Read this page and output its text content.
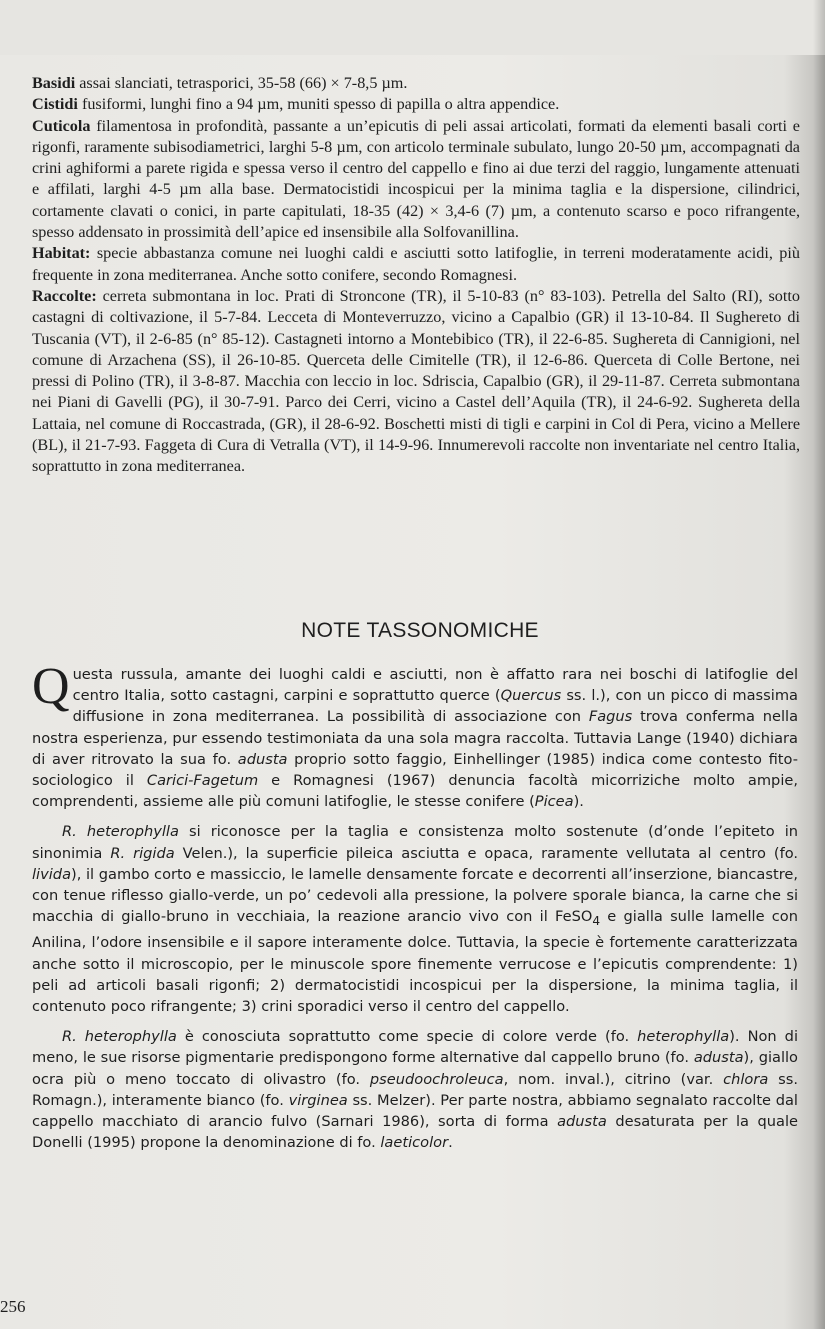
Basidi assai slanciati, tetrasporici, 35-58 (66) × 7-8,5 µm.

Cistidi fusiformi, lunghi fino a 94 µm, muniti spesso di papilla o altra appendice.

Cuticola filamentosa in profondità, passante a un’epicutis di peli assai articolati, formati da elementi basali corti e rigonfi, raramente subisodiametrici, larghi 5-8 µm, con articolo terminale subulato, lungo 20-50 µm, accompagnati da crini aghiformi a parete rigida e spessa verso il centro del cappello e fino ai due terzi del raggio, lungamente attenuati e affilati, larghi 4-5 µm alla base. Dermatocistidi incospicui per la minima taglia e la dispersione, cilindrici, cortamente clavati o conici, in parte capitulati, 18-35 (42) × 3,4-6 (7) µm, a contenuto scarso e poco rifrangente, spesso addensato in prossimità dell’apice ed insensibile alla Solfovanillina.

Habitat: specie abbastanza comune nei luoghi caldi e asciutti sotto latifoglie, in terreni moderatamente acidi, più frequente in zona mediterranea. Anche sotto conifere, secondo Romagnesi.

Raccolte: cerreta submontana in loc. Prati di Stroncone (TR), il 5-10-83 (n° 83-103). Petrella del Salto (RI), sotto castagni di coltivazione, il 5-7-84. Lecceta di Monteverruzzo, vicino a Capalbio (GR) il 13-10-84. Il Sughereto di Tuscania (VT), il 2-6-85 (n° 85-12). Castagneti intorno a Montebibico (TR), il 22-6-85. Sughereta di Cannigioni, nel comune di Arzachena (SS), il 26-10-85. Querceta delle Cimitelle (TR), il 12-6-86. Querceta di Colle Bertone, nei pressi di Polino (TR), il 3-8-87. Macchia con leccio in loc. Sdriscia, Capalbio (GR), il 29-11-87. Cerreta submontana nei Piani di Gavelli (PG), il 30-7-91. Parco dei Cerri, vicino a Castel dell’Aquila (TR), il 24-6-92. Sughereta della Lattaia, nel comune di Roccastrada, (GR), il 28-6-92. Boschetti misti di tigli e carpini in Col di Pera, vicino a Mellere (BL), il 21-7-93. Faggeta di Cura di Vetralla (VT), il 14-9-96. Innumerevoli raccolte non inventariate nel centro Italia, soprattutto in zona mediterranea.

NOTE TASSONOMICHE

Questa russula, amante dei luoghi caldi e asciutti, non è affatto rara nei boschi di latifoglie del centro Italia, sotto castagni, carpini e soprattutto querce (Quercus ss. l.), con un picco di massima diffusione in zona mediterranea. La possibilità di associazione con Fagus trova conferma nella nostra esperienza, pur essendo testimoniata da una sola magra raccolta. Tuttavia Lange (1940) dichiara di aver ritrovato la sua fo. adusta proprio sotto faggio, Einhellinger (1985) indica come contesto fito-sociologico il Carici-Fagetum e Romagnesi (1967) denuncia facoltà micorriziche molto ampie, comprendenti, assieme alle più comuni latifoglie, le stesse conifere (Picea).

R. heterophylla si riconosce per la taglia e consistenza molto sostenute (d’onde l’epiteto in sinonimia R. rigida Velen.), la superficie pileica asciutta e opaca, raramente vellutata al centro (fo. livida), il gambo corto e massiccio, le lamelle densamente forcate e decorrenti all’inserzione, biancastre, con tenue riflesso giallo-verde, un po’ cedevoli alla pressione, la polvere sporale bianca, la carne che si macchia di giallo-bruno in vecchiaia, la reazione arancio vivo con il FeSO$_4$ e gialla sulle lamelle con Anilina, l’odore insensibile e il sapore interamente dolce. Tuttavia, la specie è fortemente caratterizzata anche sotto il microscopio, per le minuscole spore finemente verrucose e l’epicutis comprendente: 1) peli ad articoli basali rigonfi; 2) dermatocistidi incospicui per la dispersione, la minima taglia, il contenuto poco rifrangente; 3) crini sporadici verso il centro del cappello.

R. heterophylla è conosciuta soprattutto come specie di colore verde (fo. heterophylla). Non di meno, le sue risorse pigmentarie predispongono forme alternative dal cappello bruno (fo. adusta), giallo ocra più o meno toccato di olivastro (fo. pseudoochroleuca, nom. inval.), citrino (var. chlora ss. Romagn.), interamente bianco (fo. virginea ss. Melzer). Per parte nostra, abbiamo segnalato raccolte dal cappello macchiato di arancio fulvo (Sarnari 1986), sorta di forma adusta desaturata per la quale Donelli (1995) propone la denominazione di fo. laeticolor.

256
